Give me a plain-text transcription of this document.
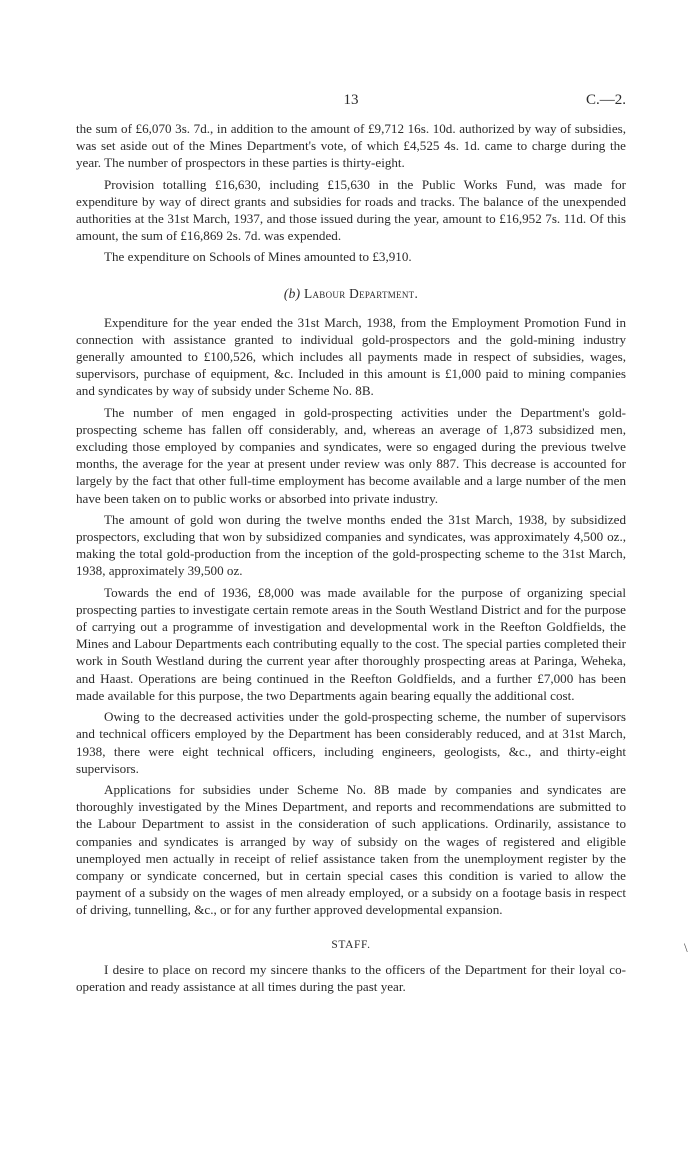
13	C.—2.

the sum of £6,070 3s. 7d., in addition to the amount of £9,712 16s. 10d. authorized by way of subsidies, was set aside out of the Mines Department's vote, of which £4,525 4s. 1d. came to charge during the year. The number of prospectors in these parties is thirty-eight.

Provision totalling £16,630, including £15,630 in the Public Works Fund, was made for expenditure by way of direct grants and subsidies for roads and tracks. The balance of the unexpended authorities at the 31st March, 1937, and those issued during the year, amount to £16,952 7s. 11d. Of this amount, the sum of £16,869 2s. 7d. was expended.

The expenditure on Schools of Mines amounted to £3,910.

(b) Labour Department.

Expenditure for the year ended the 31st March, 1938, from the Employment Promotion Fund in connection with assistance granted to individual gold-prospectors and the gold-mining industry generally amounted to £100,526, which includes all payments made in respect of subsidies, wages, supervisors, purchase of equipment, &c. Included in this amount is £1,000 paid to mining companies and syndicates by way of subsidy under Scheme No. 8B.

The number of men engaged in gold-prospecting activities under the Department's gold-prospecting scheme has fallen off considerably, and, whereas an average of 1,873 subsidized men, excluding those employed by companies and syndicates, were so engaged during the previous twelve months, the average for the year at present under review was only 887. This decrease is accounted for largely by the fact that other full-time employment has become available and a large number of the men have been taken on to public works or absorbed into private industry.

The amount of gold won during the twelve months ended the 31st March, 1938, by subsidized prospectors, excluding that won by subsidized companies and syndicates, was approximately 4,500 oz., making the total gold-production from the inception of the gold-prospecting scheme to the 31st March, 1938, approximately 39,500 oz.

Towards the end of 1936, £8,000 was made available for the purpose of organizing special prospecting parties to investigate certain remote areas in the South Westland District and for the purpose of carrying out a programme of investigation and developmental work in the Reefton Goldfields, the Mines and Labour Departments each contributing equally to the cost. The special parties completed their work in South Westland during the current year after thoroughly prospecting areas at Paringa, Weheka, and Haast. Operations are being continued in the Reefton Goldfields, and a further £7,000 has been made available for this purpose, the two Departments again bearing equally the additional cost.

Owing to the decreased activities under the gold-prospecting scheme, the number of supervisors and technical officers employed by the Department has been considerably reduced, and at 31st March, 1938, there were eight technical officers, including engineers, geologists, &c., and thirty-eight supervisors.

Applications for subsidies under Scheme No. 8B made by companies and syndicates are thoroughly investigated by the Mines Department, and reports and recommendations are submitted to the Labour Department to assist in the consideration of such applications. Ordinarily, assistance to companies and syndicates is arranged by way of subsidy on the wages of registered and eligible unemployed men actually in receipt of relief assistance taken from the unemployment register by the company or syndicate concerned, but in certain special cases this condition is varied to allow the payment of a subsidy on the wages of men already employed, or a subsidy on a footage basis in respect of driving, tunnelling, &c., or for any further approved developmental expansion.

STAFF.

I desire to place on record my sincere thanks to the officers of the Department for their loyal co-operation and ready assistance at all times during the past year.

\
